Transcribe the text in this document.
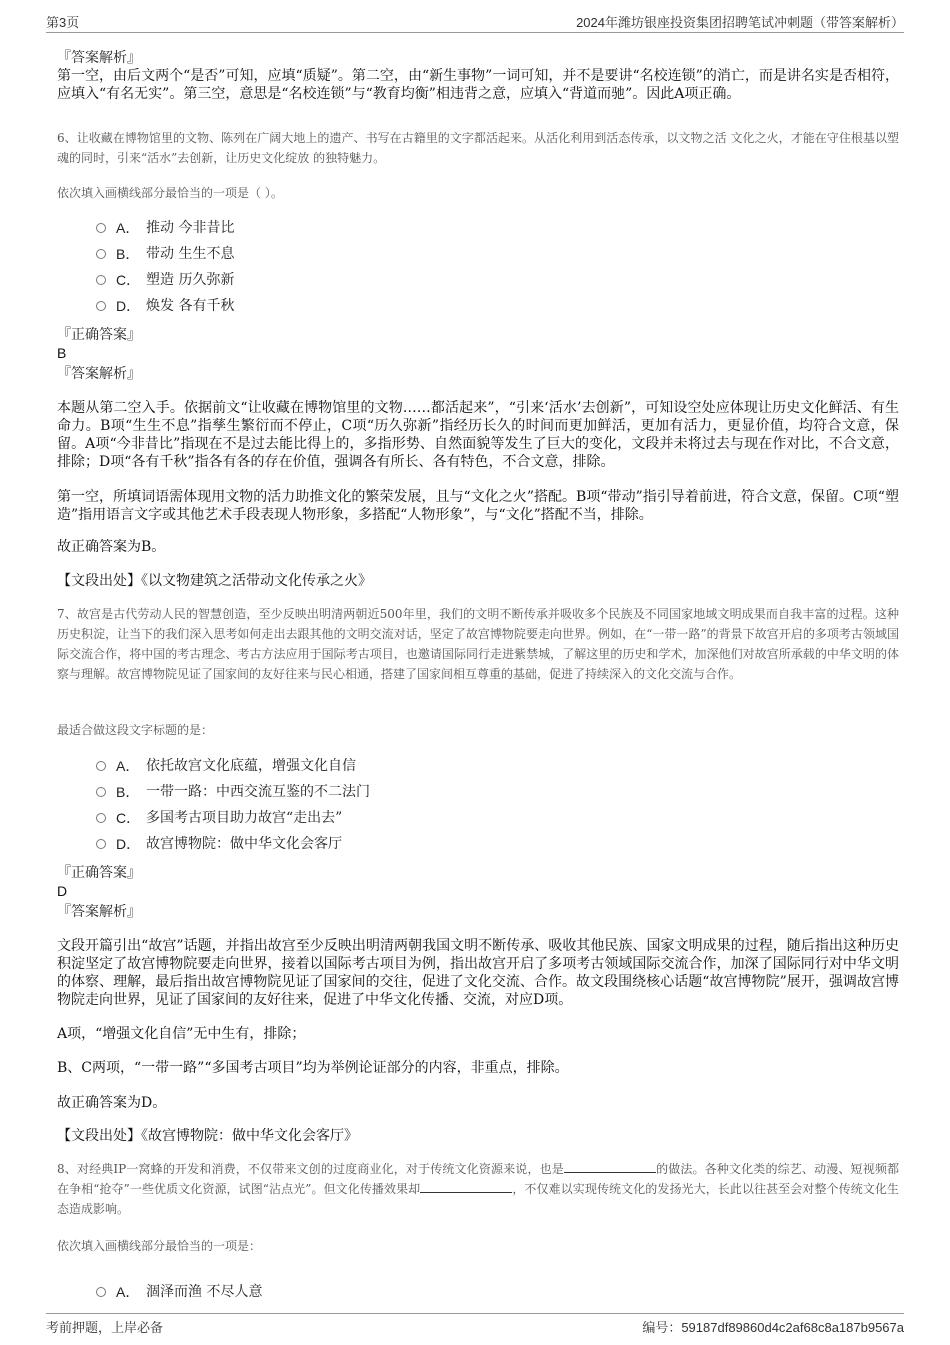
第3页	2024年潍坊银座投资集团招聘笔试冲刺题（带答案解析）
『答案解析』
第一空，由后文两个“是否”可知，应填“质疑”。第二空，由“新生事物”一词可知，并不是要讲“名校连锁”的消亡，而是讲名实是否相符，应填入“有名无实”。第三空，意思是“名校连锁”与“教育均衡”相违背之意，应填入“背道而驰”。因此A项正确。
6、让收藏在博物馆里的文物、陈列在广阔大地上的遗产、书写在古籍里的文字都活起来。从活化利用到活态传承，以文物之活 文化之火，才能在守住根基以塑魂的同时，引来“活水”去创新，让历史文化绽放 的独特魅力。
依次填入画横线部分最恰当的一项是（ ）。
A． 推动 今非昔比
B． 带动 生生不息
C． 塑造 历久弥新
D． 焕发 各有千秋
『正确答案』
B
『答案解析』
本题从第二空入手。依据前文“让收藏在博物馆里的文物……都活起来”，“引来‘活水’去创新”，可知设空处应体现让历史文化鲜活、有生命力。B项“生生不息”指孳生繁衍而不停止，C项“历久弥新”指经历长久的时间而更加鲜活，更加有活力，更显价值，均符合文意，保留。A项“今非昔比”指现在不是过去能比得上的，多指形势、自然面貌等发生了巨大的变化，文段并未将过去与现在作对比，不合文意，排除；D项“各有千秋”指各有各的存在价值，强调各有所长、各有特色，不合文意，排除。
第一空，所填词语需体现用文物的活力助推文化的繁荣发展，且与“文化之火”搭配。B项“带动”指引导着前进，符合文意，保留。C项“塑造”指用语言文字或其他艺术手段表现人物形象，多搭配“人物形象”，与“文化”搭配不当，排除。
故正确答案为B。
【文段出处】《以文物建筑之活带动文化传承之火》
7、故宫是古代劳动人民的智慧创造，至少反映出明清两朝近500年里，我们的文明不断传承并吸收多个民族及不同国家地域文明成果而自我丰富的过程。这种历史积淀，让当下的我们深入思考如何走出去跟其他的文明交流对话，坚定了故宫博物院要走向世界。例如，在“一带一路”的背景下故宫开启的多项考古领域国际交流合作，将中国的考古理念、考古方法应用于国际考古项目，也邀请国际同行走进紫禁城，了解这里的历史和学术，加深他们对故宫所承载的中华文明的体察与理解。故宫博物院见证了国家间的友好往来与民心相通，搭建了国家间相互尊重的基础，促进了持续深入的文化交流与合作。
最适合做这段文字标题的是：
A． 依托故宫文化底蕴，增强文化自信
B． 一带一路：中西交流互鉴的不二法门
C． 多国考古项目助力故宫“走出去”
D． 故宫博物院：做中华文化会客厅
『正确答案』
D
『答案解析』
文段开篇引出“故宫”话题，并指出故宫至少反映出明清两朝我国文明不断传承、吸收其他民族、国家文明成果的过程，随后指出这种历史积淀坚定了故宫博物院要走向世界，接着以国际考古项目为例，指出故宫开启了多项考古领域国际交流合作，加深了国际同行对中华文明的体察、理解，最后指出故宫博物院见证了国家间的交往，促进了文化交流、合作。故文段围绕核心话题“故宫博物院”展开，强调故宫博物院走向世界，见证了国家间的友好往来，促进了中华文化传播、交流，对应D项。
A项，“增强文化自信”无中生有，排除；
B、C两项，“一带一路”“多国考古项目”均为举例论证部分的内容，非重点，排除。
故正确答案为D。
【文段出处】《故宫博物院：做中华文化会客厅》
8、对经典IP一窝蜂的开发和消费，不仅带来文创的过度商业化，对于传统文化资源来说，也是	的做法。各种文化类的综艺、动漫、短视频都在争相“抢夺”一些优质文化资源，试图“沾点光”。但文化传播效果却	，不仅难以实现传统文化的发扬光大，长此以往甚至会对整个传统文化生态造成影响。
依次填入画横线部分最恰当的一项是：
A． 涸泽而渔 不尽人意
考前押题，上岸必备	编号：59187df89860d4c2af68c8a187b9567a
